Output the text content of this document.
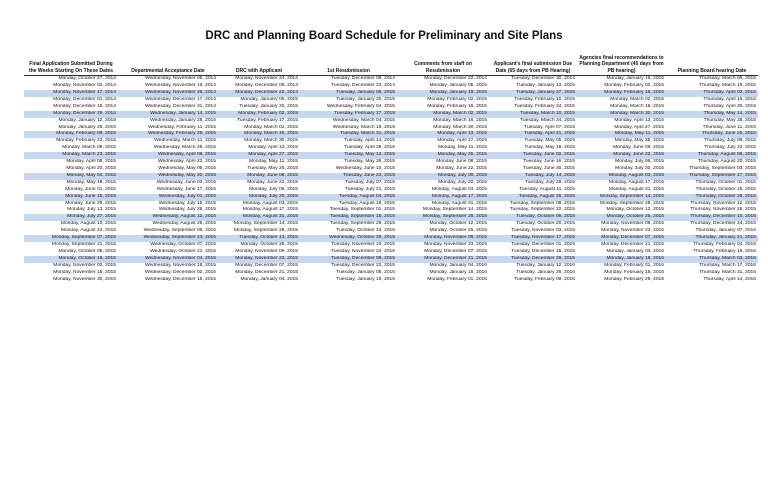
DRC and Planning Board Schedule for Preliminary and Site Plans
Final Application Submitted During the Weeks Starting On These Dates	Departmental Acceptance Date	DRC with Applicant	1st Resubmission	Comments from staff on Resubmission	Applicant's final submission Due Date (65 days from PB Hearing)	Agencies final recommendations to Planning Department (45 days from PB hearing)	Planning Board hearing Date
Monday, October 27, 2014	Wednesday, November 05, 2014	Monday, November 24, 2014	Tuesday, December 09, 2014	Monday, December 22, 2014	Tuesday, December 30, 2014	Monday, January 19, 2015	Thursday, March 05, 2015
Monday, November 03, 2014	Wednesday, November 19, 2014	Monday, December 08, 2014	Tuesday, December 23, 2014	Monday, January 05, 2015	Tuesday, January 13, 2015	Monday, February 02, 2015	Thursday, March 19, 2015
Monday, November 17, 2014	Wednesday, November 26, 2014	Monday, December 22, 2014	Tuesday, January 06, 2015	Monday, January 19, 2015	Tuesday, January 27, 2015	Monday, February 16, 2015	Thursday, April 02, 2015
Monday, December 01, 2014	Wednesday, December 17, 2014	Monday, January 05, 2015	Tuesday, January 20, 2015	Monday, February 02, 2015	Tuesday, February 10, 2015	Monday, March 02, 2015	Thursday, April 16, 2015
Monday, December 15, 2014	Wednesday, December 31, 2014	Tuesday, January 20, 2015	Wednesday, February 04, 2015	Monday, February 16, 2015	Tuesday, February 24, 2015	Monday, March 16, 2015	Thursday, April 30, 2015
Monday, December 29, 2014	Wednesday, January 14, 2015	Monday, February 02, 2015	Tuesday, February 17, 2015	Monday, March 02, 2015	Tuesday, March 10, 2015	Monday, March 30, 2015	Thursday, May 14, 2015
Monday, January 12, 2015	Wednesday, January 28, 2015	Tuesday, February 17, 2015	Wednesday, March 04, 2015	Monday, March 16, 2015	Tuesday, March 24, 2015	Monday, April 13, 2015	Thursday, May 28, 2015
Monday, January 26, 2015	Wednesday, February 11, 2015	Monday, March 02, 2015	Wednesday, March 18, 2015	Monday, March 30, 2015	Tuesday, April 07, 2015	Monday, April 27, 2015	Thursday, June 11, 2015
Monday, February 09, 2015	Wednesday, February 25, 2015	Monday, March 16, 2015	Tuesday, March 31, 2015	Monday, April 13, 2015	Tuesday, April 21, 2015	Monday, May 11, 2015	Thursday, June 25, 2015
Monday, February 23, 2015	Wednesday, March 11, 2015	Monday, March 30, 2015	Tuesday, April 14, 2015	Monday, April 27, 2015	Tuesday, May 05, 2015	Monday, May 25, 2015	Thursday, July 09, 2015
Monday, March 09, 2015	Wednesday, March 25, 2015	Monday, April 13, 2015	Tuesday, April 28, 2015	Monday, May 11, 2015	Tuesday, May 19, 2015	Monday, June 08, 2015	Thursday, July 23, 2015
Monday, March 23, 2015	Wednesday, April 08, 2015	Monday, April 27, 2015	Tuesday, May 12, 2015	Monday, May 25, 2015	Tuesday, June 02, 2015	Monday, June 22, 2015	Thursday, August 06, 2015
Monday, April 06, 2015	Wednesday, April 22, 2015	Monday, May 11, 2015	Tuesday, May 26, 2015	Monday, June 08, 2015	Tuesday, June 16, 2015	Monday, July 06, 2015	Thursday, August 20, 2015
Monday, April 20, 2015	Wednesday, May 06, 2015	Tuesday, May 26, 2015	Wednesday, June 10, 2015	Monday, June 22, 2015	Tuesday, June 30, 2015	Monday, July 20, 2015	Thursday, September 03, 2015
Monday, May 04, 2015	Wednesday, May 20, 2015	Monday, June 08, 2015	Tuesday, June 23, 2015	Monday, July 06, 2015	Tuesday, July 14, 2015	Monday, August 03, 2015	Thursday, September 17, 2015
Monday, May 18, 2015	Wednesday, June 03, 2015	Monday, June 22, 2015	Tuesday, July 07, 2015	Monday, July 20, 2015	Tuesday, July 28, 2015	Monday, August 17, 2015	Thursday, October 01, 2015
Monday, June 01, 2015	Wednesday, June 17, 2015	Monday, July 06, 2015	Tuesday, July 21, 2015	Monday, August 03, 2015	Tuesday, August 11, 2015	Monday, August 31, 2015	Thursday, October 15, 2015
Monday, June 15, 2015	Wednesday, July 01, 2015	Monday, July 20, 2015	Tuesday, August 04, 2015	Monday, August 17, 2015	Tuesday, August 25, 2015	Monday, September 14, 2015	Thursday, October 29, 2015
Monday, June 29, 2015	Wednesday, July 15, 2015	Monday, August 03, 2015	Tuesday, August 18, 2015	Monday, August 31, 2015	Tuesday, September 08, 2015	Monday, September 28, 2015	Thursday, November 12, 2015
Monday, July 13, 2015	Wednesday, July 29, 2015	Monday, August 17, 2015	Tuesday, September 01, 2015	Monday, September 14, 2015	Tuesday, September 22, 2015	Monday, October 12, 2015	Thursday, November 26, 2015
Monday, July 27, 2015	Wednesday, August 12, 2015	Monday, August 31, 2015	Tuesday, September 15, 2015	Monday, September 28, 2015	Tuesday, October 06, 2015	Monday, October 26, 2015	Thursday, December 10, 2015
Monday, August 10, 2015	Wednesday, August 26, 2015	Monday, September 14, 2015	Tuesday, September 29, 2015	Monday, October 12, 2015	Tuesday, October 20, 2015	Monday, November 09, 2015	Thursday, December 24, 2015
Monday, August 24, 2015	Wednesday, September 09, 2015	Monday, September 28, 2015	Tuesday, October 13, 2015	Monday, October 26, 2015	Tuesday, November 03, 2015	Monday, November 23, 2015	Thursday, January 07, 2016
Monday, September 07, 2015	Wednesday, September 23, 2015	Tuesday, October 13, 2015	Wednesday, October 28, 2015	Monday, November 09, 2015	Tuesday, November 17, 2015	Monday, December 07, 2015	Thursday, January 21, 2016
Monday, September 21, 2015	Wednesday, October 07, 2015	Monday, October 26, 2015	Tuesday, November 10, 2015	Monday, November 23, 2015	Tuesday, December 01, 2015	Monday, December 21, 2015	Thursday, February 04, 2016
Monday, October 05, 2015	Wednesday, October 21, 2015	Monday, November 09, 2015	Tuesday, November 24, 2015	Monday, December 07, 2015	Tuesday, December 15, 2015	Monday, January 04, 2016	Thursday, February 18, 2016
Monday, October 19, 2015	Wednesday, November 04, 2015	Monday, November 23, 2015	Tuesday, December 08, 2015	Monday, December 21, 2015	Tuesday, December 29, 2015	Monday, January 18, 2016	Thursday, March 03, 2016
Monday, November 02, 2015	Wednesday, November 18, 2015	Monday, December 07, 2015	Tuesday, December 22, 2015	Monday, January 04, 2016	Tuesday, January 12, 2016	Monday, February 01, 2016	Thursday, March 17, 2016
Monday, November 16, 2015	Wednesday, December 02, 2015	Monday, December 21, 2015	Tuesday, January 05, 2016	Monday, January 18, 2016	Tuesday, January 26, 2016	Monday, February 15, 2016	Thursday, March 31, 2016
Monday, November 30, 2015	Wednesday, December 16, 2015	Monday, January 04, 2016	Tuesday, January 19, 2016	Monday, February 01, 2016	Tuesday, February 09, 2016	Monday, February 29, 2016	Thursday, April 14, 2016
